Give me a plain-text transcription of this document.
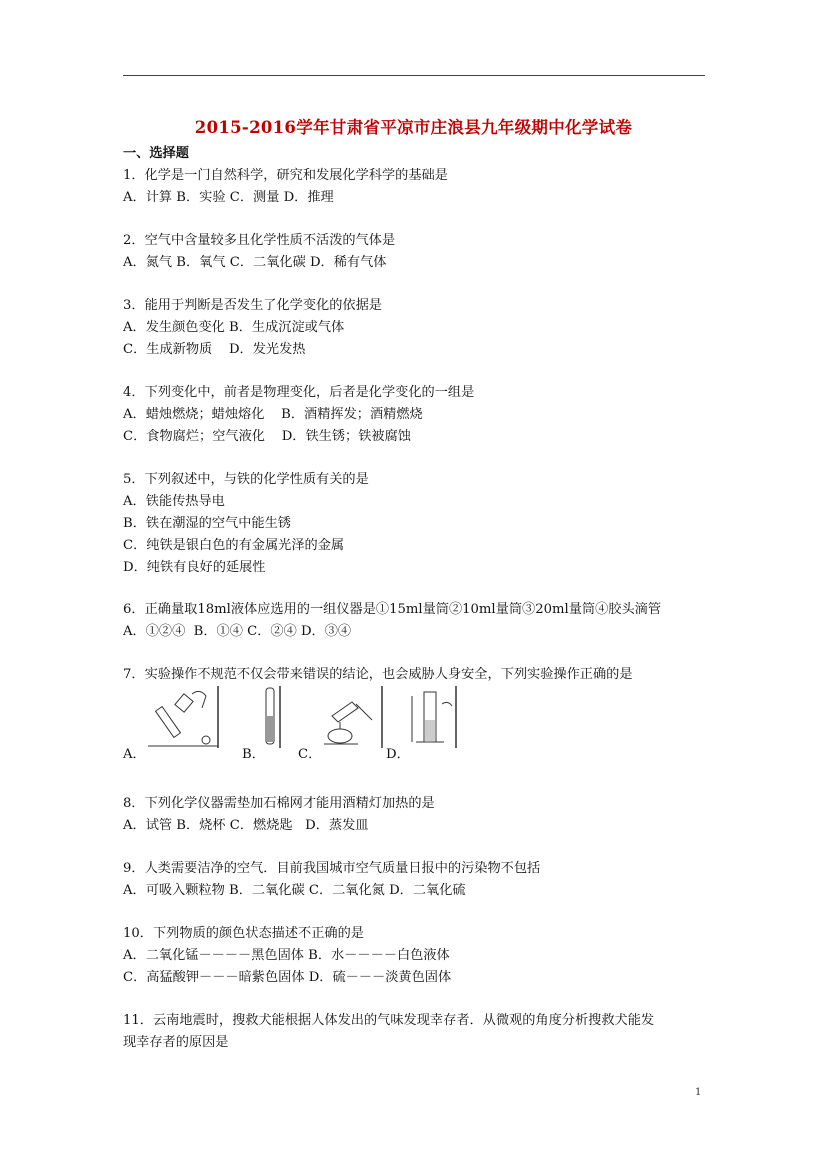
2015-2016学年甘肃省平凉市庄浪县九年级期中化学试卷
一、选择题
1．化学是一门自然科学，研究和发展化学科学的基础是
A．计算 B．实验 C．测量 D．推理
2．空气中含量较多且化学性质不活泼的气体是
A．氮气 B．氧气 C．二氧化碳 D．稀有气体
3．能用于判断是否发生了化学变化的依据是
A．发生颜色变化 B．生成沉淀或气体
C．生成新物质    D．发光发热
4．下列变化中，前者是物理变化，后者是化学变化的一组是
A．蜡烛燃烧；蜡烛熔化    B．酒精挥发；酒精燃烧
C．食物腐烂；空气液化    D．铁生锈；铁被腐蚀
5．下列叙述中，与铁的化学性质有关的是
A．铁能传热导电
B．铁在潮湿的空气中能生锈
C．纯铁是银白色的有金属光泽的金属
D．纯铁有良好的延展性
6．正确量取18ml液体应选用的一组仪器是①15ml量筒②10ml量筒③20ml量筒④胶头滴管
A．①②④  B．①④ C．②④ D．③④
7．实验操作不规范不仅会带来错误的结论，也会威胁人身安全，下列实验操作正确的是
A．	B．	C．	D．
8．下列化学仪器需垫加石棉网才能用酒精灯加热的是
A．试管 B．烧杯 C．燃烧匙   D．蒸发皿
9．人类需要洁净的空气．目前我国城市空气质量日报中的污染物不包括
A．可吸入颗粒物 B．二氧化碳 C．二氧化氮 D．二氧化硫
10．下列物质的颜色状态描述不正确的是
A．二氧化锰－－－－黑色固体 B．水－－－－白色液体
C．高猛酸钾－－－暗紫色固体 D．硫－－－淡黄色固体
11．云南地震时，搜救犬能根据人体发出的气味发现幸存者．从微观的角度分析搜救犬能发
现幸存者的原因是
1
